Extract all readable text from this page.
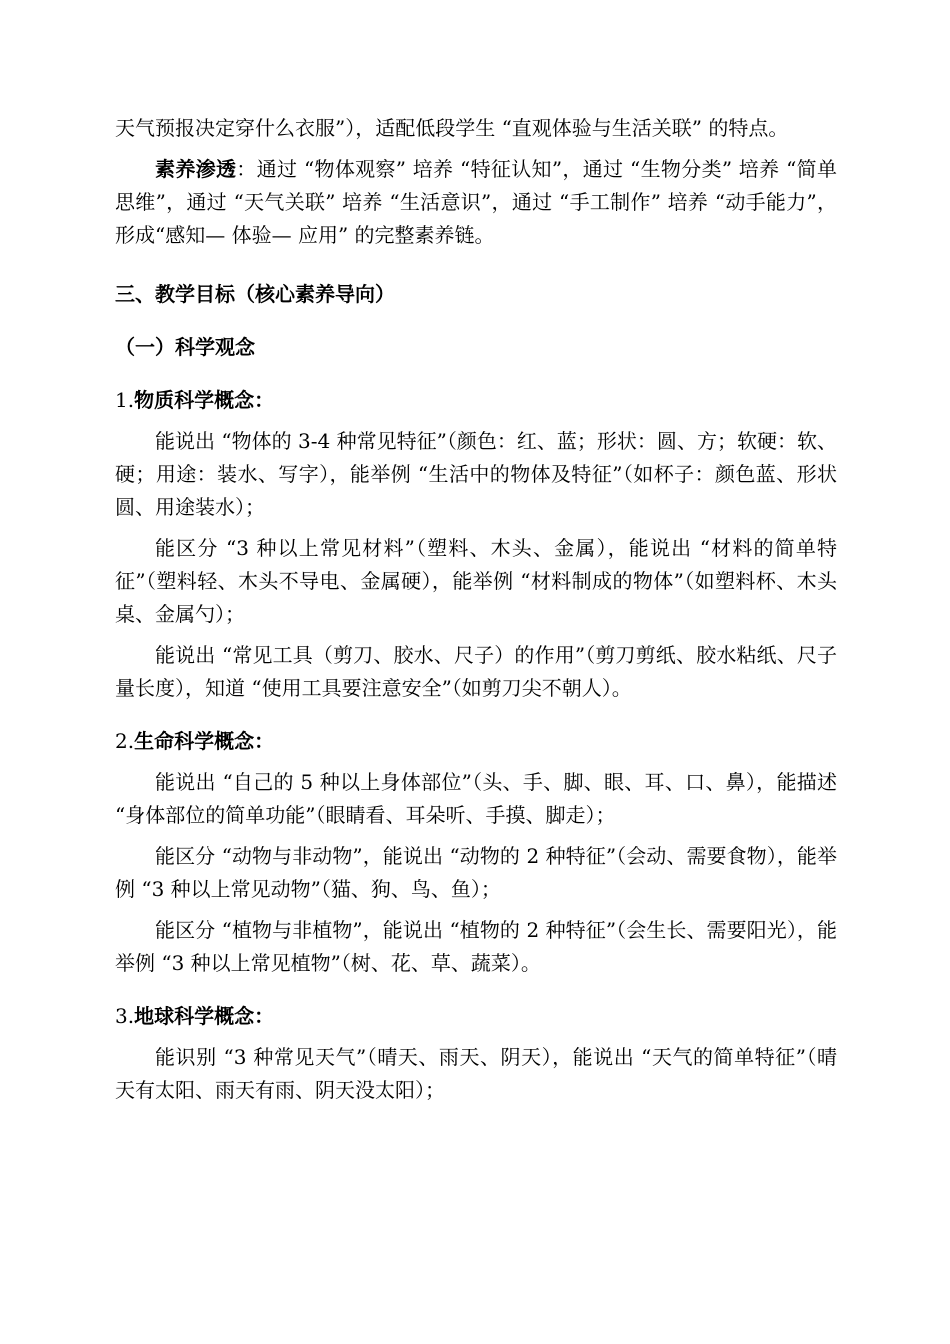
天气预报决定穿什么衣服”），适配低段学生 “直观体验与生活关联” 的特点。

素养渗透：通过 “物体观察” 培养 “特征认知”，通过 “生物分类” 培养 “简单思维”，通过 “天气关联” 培养 “生活意识”，通过 “手工制作” 培养 “动手能力”，形成“感知— 体验— 应用” 的完整素养链。

三、教学目标（核心素养导向）

（一）科学观念

1.物质科学概念：

能说出 “物体的 3-4 种常见特征”（颜色：红、蓝；形状：圆、方；软硬：软、硬；用途：装水、写字），能举例 “生活中的物体及特征”（如杯子：颜色蓝、形状圆、用途装水）；

能区分 “3 种以上常见材料”（塑料、木头、金属），能说出 “材料的简单特征”（塑料轻、木头不导电、金属硬），能举例 “材料制成的物体”（如塑料杯、木头桌、金属勺）；

能说出 “常见工具（剪刀、胶水、尺子）的作用”（剪刀剪纸、胶水粘纸、尺子量长度），知道 “使用工具要注意安全”（如剪刀尖不朝人）。

2.生命科学概念：

能说出 “自己的 5 种以上身体部位”（头、手、脚、眼、耳、口、鼻），能描述 “身体部位的简单功能”（眼睛看、耳朵听、手摸、脚走）；

能区分 “动物与非动物”，能说出 “动物的 2 种特征”（会动、需要食物），能举例 “3 种以上常见动物”（猫、狗、鸟、鱼）；

能区分 “植物与非植物”，能说出 “植物的 2 种特征”（会生长、需要阳光），能举例 “3 种以上常见植物”（树、花、草、蔬菜）。

3.地球科学概念：

能识别 “3 种常见天气”（晴天、雨天、阴天），能说出 “天气的简单特征”（晴天有太阳、雨天有雨、阴天没太阳）；
